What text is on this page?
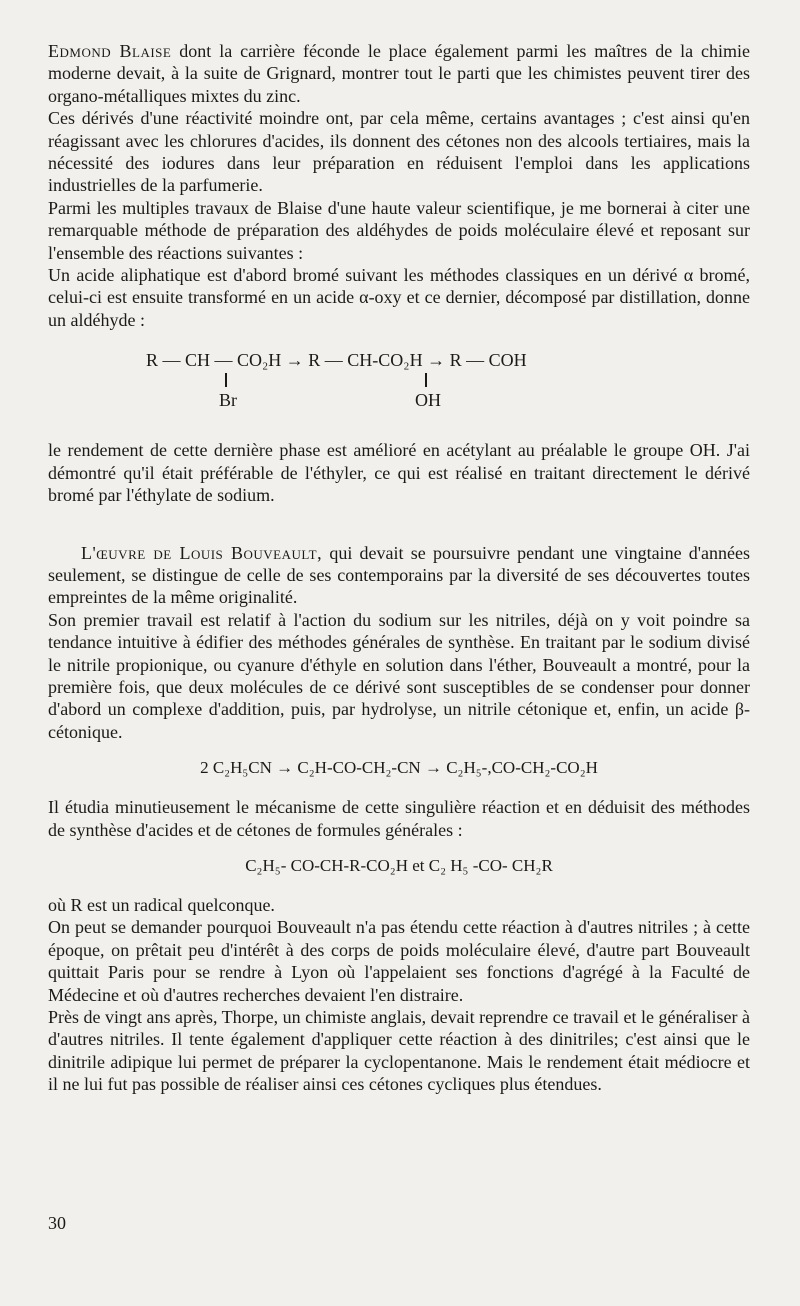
Edmond Blaise dont la carrière féconde le place également parmi les maîtres de la chimie moderne devait, à la suite de Grignard, montrer tout le parti que les chimistes peuvent tirer des organo-métalliques mixtes du zinc.

Ces dérivés d'une réactivité moindre ont, par cela même, certains avantages ; c'est ainsi qu'en réagissant avec les chlorures d'acides, ils donnent des cétones non des alcools tertiaires, mais la nécessité des iodures dans leur préparation en réduisent l'emploi dans les applications industrielles de la parfumerie.

Parmi les multiples travaux de Blaise d'une haute valeur scientifique, je me bornerai à citer une remarquable méthode de préparation des aldéhydes de poids moléculaire élevé et reposant sur l'ensemble des réactions suivantes :

Un acide aliphatique est d'abord bromé suivant les méthodes classiques en un dérivé α bromé, celui-ci est ensuite transformé en un acide α-oxy et ce dernier, décomposé par distillation, donne un aldéhyde :

R — CH — CO₂H → R — CH-CO₂H → R — COH
Br	OH

le rendement de cette dernière phase est amélioré en acétylant au préalable le groupe OH. J'ai démontré qu'il était préférable de l'éthyler, ce qui est réalisé en traitant directement le dérivé bromé par l'éthylate de sodium.

L'œuvre de Louis Bouveault, qui devait se poursuivre pendant une vingtaine d'années seulement, se distingue de celle de ses contemporains par la diversité de ses découvertes toutes empreintes de la même originalité.

Son premier travail est relatif à l'action du sodium sur les nitriles, déjà on y voit poindre sa tendance intuitive à édifier des méthodes générales de synthèse. En traitant par le sodium divisé le nitrile propionique, ou cyanure d'éthyle en solution dans l'éther, Bouveault a montré, pour la première fois, que deux molécules de ce dérivé sont susceptibles de se condenser pour donner d'abord un complexe d'addition, puis, par hydrolyse, un nitrile cétonique et, enfin, un acide β-cétonique.

2 C₂H₅CN → C₂H-CO-CH₂-CN → C₂H₅-,CO-CH₂-CO₂H

Il étudia minutieusement le mécanisme de cette singulière réaction et en déduisit des méthodes de synthèse d'acides et de cétones de formules générales :

C₂H₅- CO-CH-R-CO₂H et C₂ H₅ -CO- CH₂R

où R est un radical quelconque.

On peut se demander pourquoi Bouveault n'a pas étendu cette réaction à d'autres nitriles ; à cette époque, on prêtait peu d'intérêt à des corps de poids moléculaire élevé, d'autre part Bouveault quittait Paris pour se rendre à Lyon où l'appelaient ses fonctions d'agrégé à la Faculté de Médecine et où d'autres recherches devaient l'en distraire.

Près de vingt ans après, Thorpe, un chimiste anglais, devait reprendre ce travail et le généraliser à d'autres nitriles. Il tente également d'appliquer cette réaction à des dinitriles; c'est ainsi que le dinitrile adipique lui permet de préparer la cyclopentanone. Mais le rendement était médiocre et il ne lui fut pas possible de réaliser ainsi ces cétones cycliques plus étendues.

30
